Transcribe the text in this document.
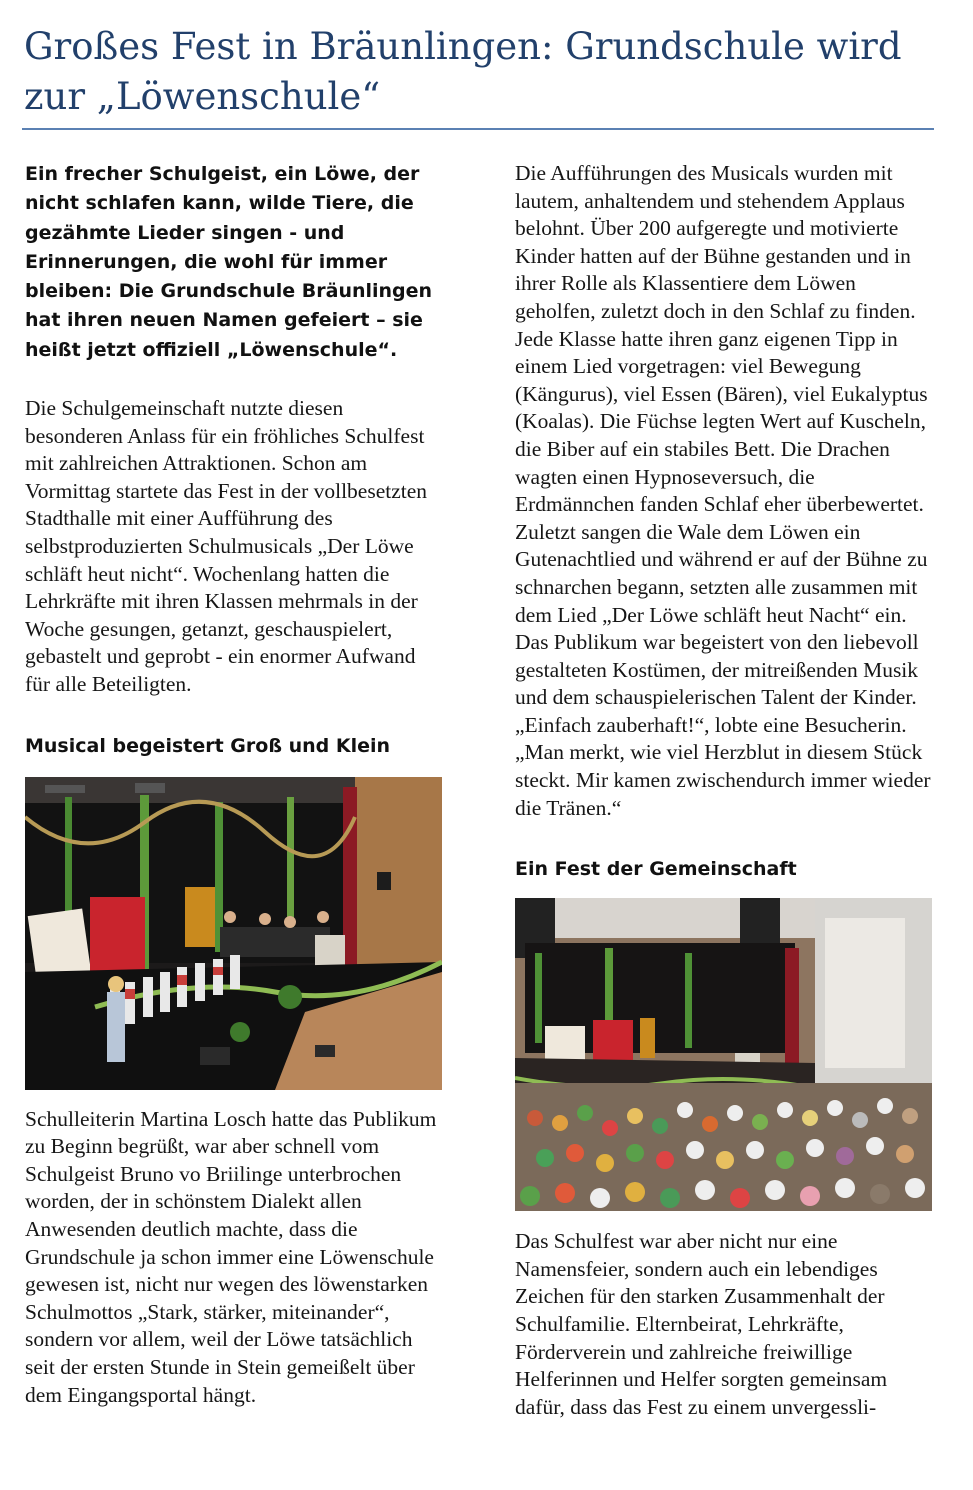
Großes Fest in Bräunlingen: Grundschule wird zur „Löwenschule“

Ein frecher Schulgeist, ein Löwe, der nicht schlafen kann, wilde Tiere, die gezähmte Lieder singen - und Erinnerungen, die wohl für immer bleiben: Die Grundschule Bräunlingen hat ihren neuen Namen gefeiert – sie heißt jetzt offiziell „Löwenschule“.

Die Schulgemeinschaft nutzte diesen besonderen Anlass für ein fröhliches Schulfest mit zahlreichen Attraktionen. Schon am Vormittag startete das Fest in der vollbesetzten Stadthalle mit einer Aufführung des selbstproduzierten Schulmusicals „Der Löwe schläft heut nicht“. Wochenlang hatten die Lehrkräfte mit ihren Klassen mehrmals in der Woche gesungen, getanzt, geschauspielert, gebastelt und geprobt - ein enormer Aufwand für alle Beteiligten.

Musical begeistert Groß und Klein

Schulleiterin Martina Losch hatte das Publikum zu Beginn begrüßt, war aber schnell vom Schulgeist Bruno vo Briilinge unterbrochen worden, der in schönstem Dialekt allen Anwesenden deutlich machte, dass die Grundschule ja schon immer eine Löwenschule gewesen ist, nicht nur wegen des löwenstarken Schulmottos „Stark, stärker, miteinander“, sondern vor allem, weil der Löwe tatsächlich seit der ersten Stunde in Stein gemeißelt über dem Eingangsportal hängt.

Die Aufführungen des Musicals wurden mit lautem, anhaltendem und stehendem Applaus belohnt. Über 200 aufgeregte und motivierte Kinder hatten auf der Bühne gestanden und in ihrer Rolle als Klassentiere dem Löwen geholfen, zuletzt doch in den Schlaf zu finden. Jede Klasse hatte ihren ganz eigenen Tipp in einem Lied vorgetragen: viel Bewegung (Kängurus), viel Essen (Bären), viel Eukalyptus (Koalas). Die Füchse legten Wert auf Kuscheln, die Biber auf ein stabiles Bett. Die Drachen wagten einen Hypnoseversuch, die Erdmännchen fanden Schlaf eher überbewertet. Zuletzt sangen die Wale dem Löwen ein Gutenachtlied und während er auf der Bühne zu schnarchen begann, setzten alle zusammen mit dem Lied „Der Löwe schläft heut Nacht“ ein. Das Publikum war begeistert von den liebevoll gestalteten Kostümen, der mitreißenden Musik und dem schauspielerischen Talent der Kinder. „Einfach zauberhaft!“, lobte eine Besucherin. „Man merkt, wie viel Herzblut in diesem Stück steckt. Mir kamen zwischendurch immer wieder die Tränen.“

Ein Fest der Gemeinschaft

Das Schulfest war aber nicht nur eine Namensfeier, sondern auch ein lebendiges Zeichen für den starken Zusammenhalt der Schulfamilie. Elternbeirat, Lehrkräfte, Förderverein und zahlreiche freiwillige Helferinnen und Helfer sorgten gemeinsam dafür, dass das Fest zu einem unvergessli-
